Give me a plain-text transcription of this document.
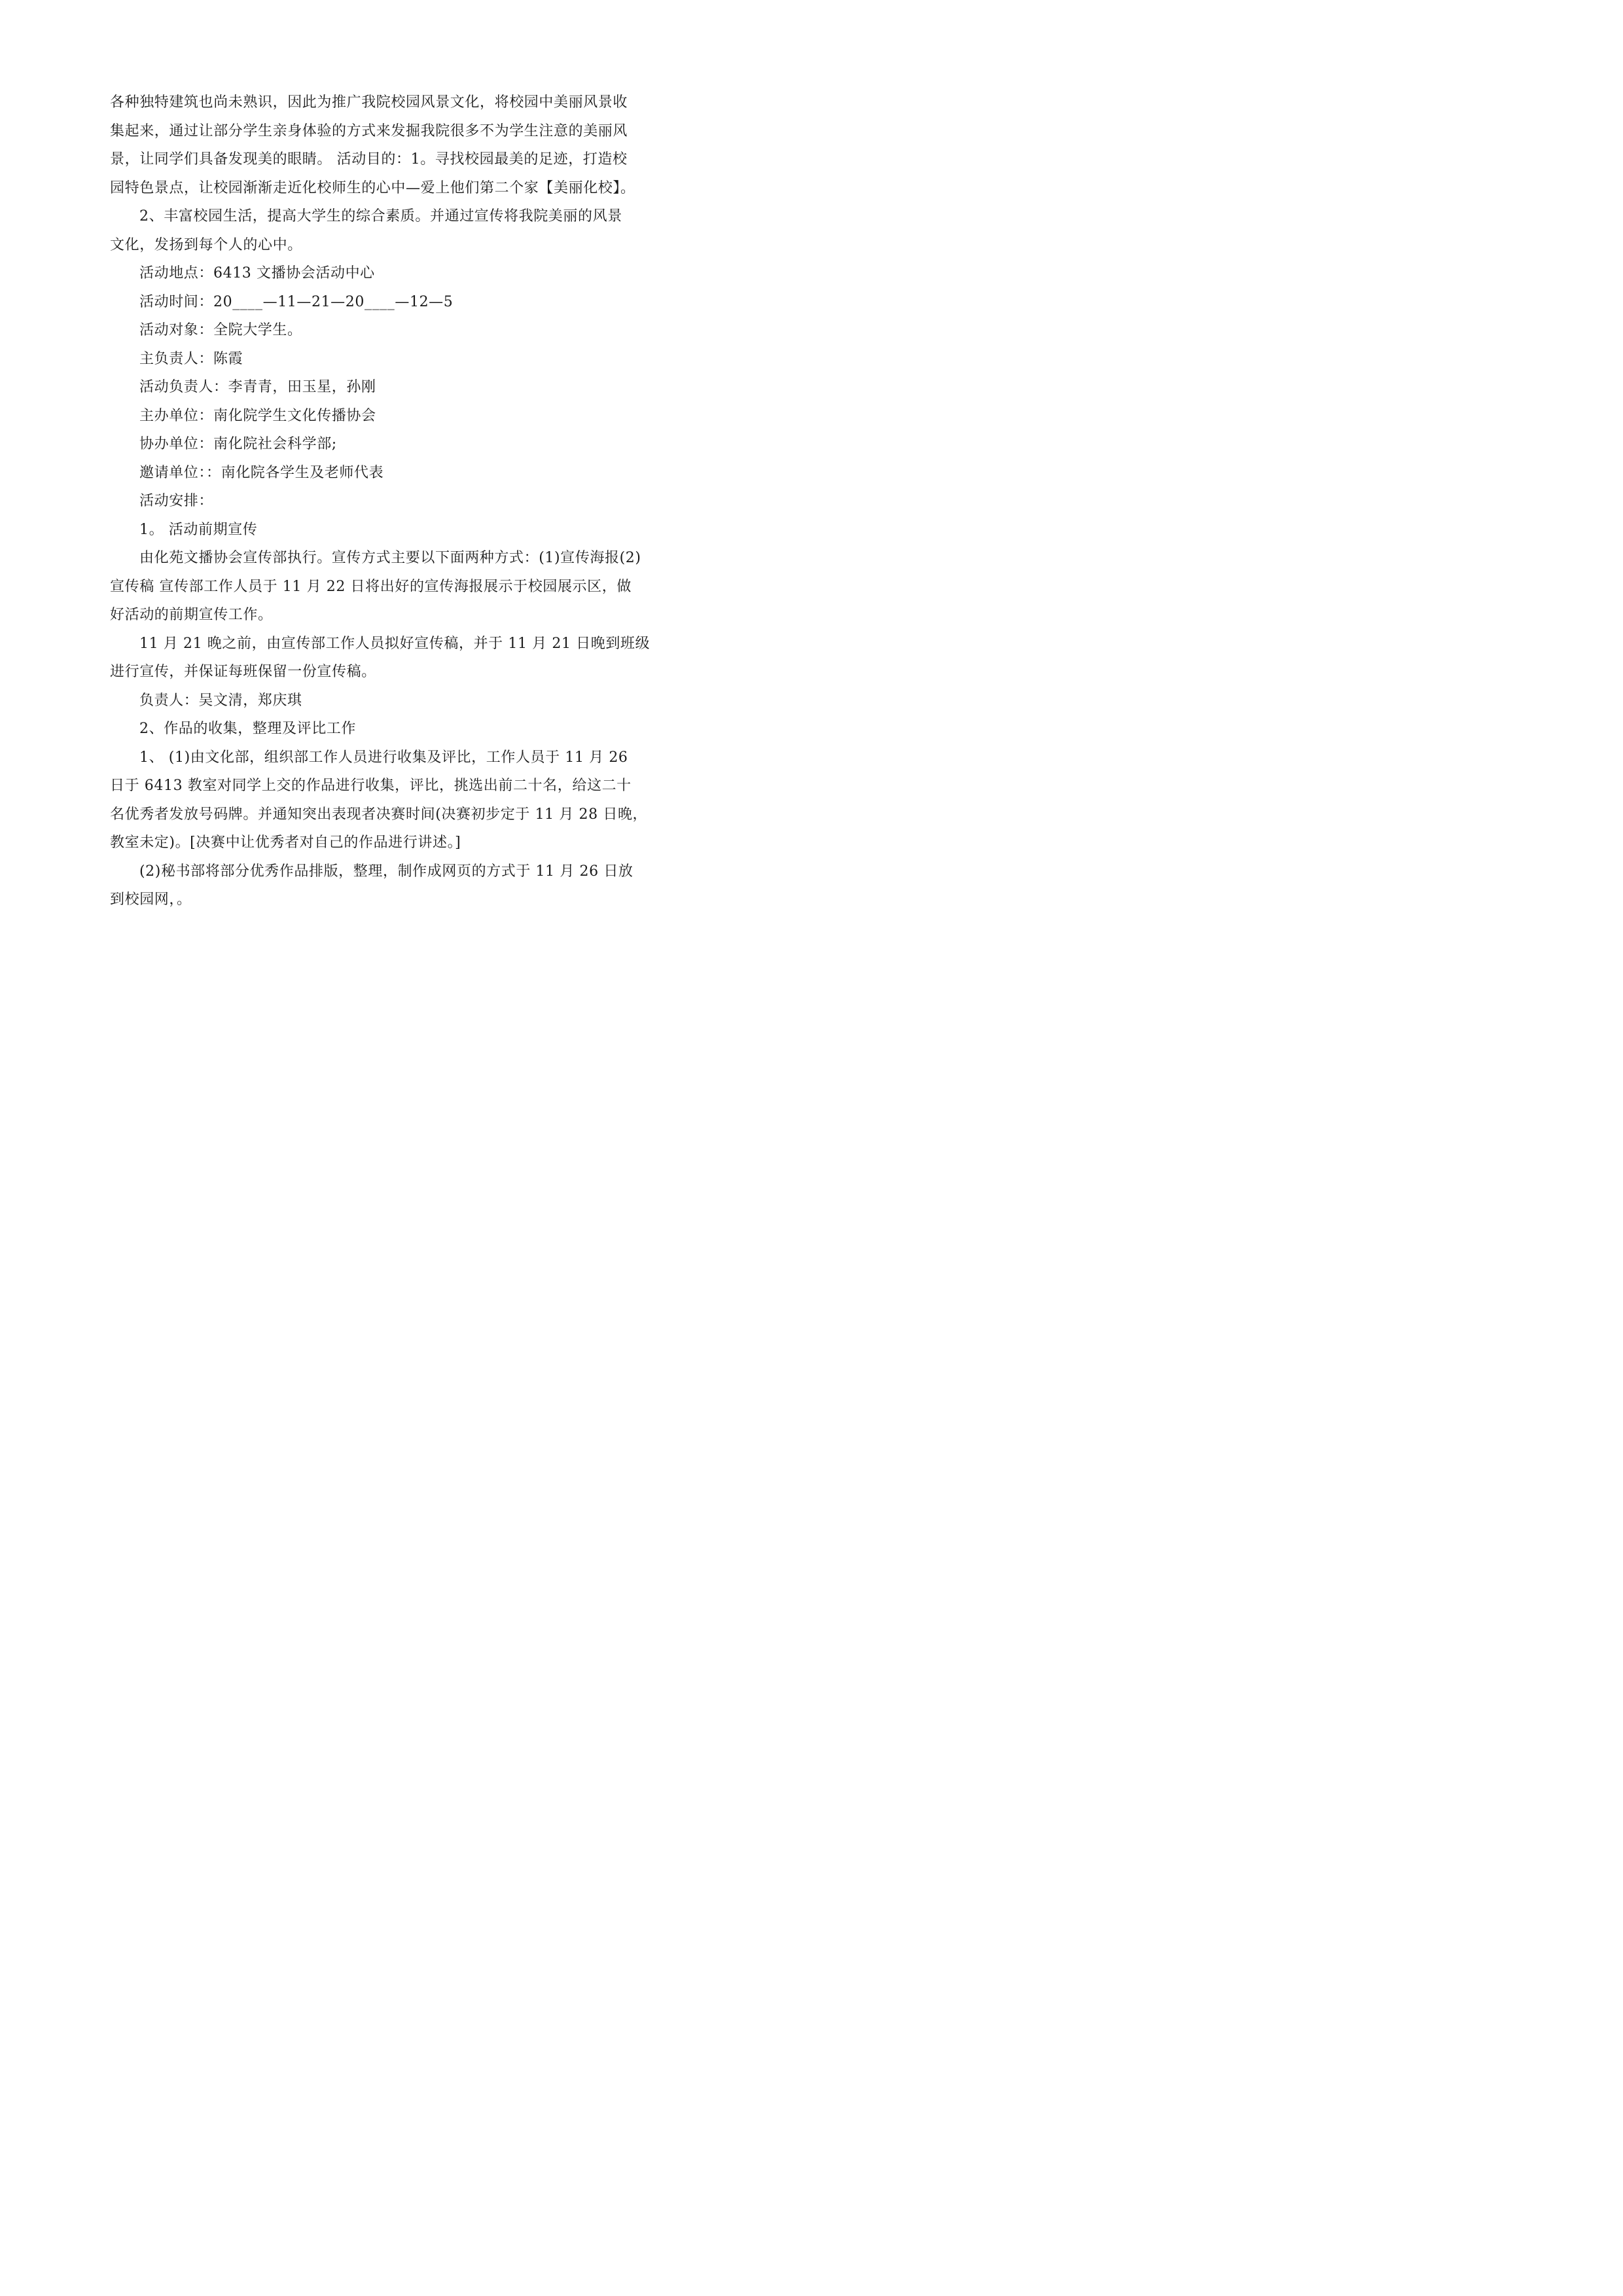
各种独特建筑也尚未熟识，因此为推广我院校园风景文化，将校园中美丽风景收
集起来，通过让部分学生亲身体验的方式来发掘我院很多不为学生注意的美丽风
景，让同学们具备发现美的眼睛。 活动目的：1。寻找校园最美的足迹，打造校
园特色景点，让校园渐渐走近化校师生的心中—爱上他们第二个家【美丽化校】。
2、丰富校园生活，提高大学生的综合素质。并通过宣传将我院美丽的风景
文化，发扬到每个人的心中。
活动地点：6413 文播协会活动中心
活动时间：20____—11—21—20____—12—5
活动对象：全院大学生。
主负责人：陈霞
活动负责人：李青青，田玉星，孙刚
主办单位：南化院学生文化传播协会
协办单位：南化院社会科学部;
邀请单位：：南化院各学生及老师代表
活动安排：
1。 活动前期宣传
由化苑文播协会宣传部执行。宣传方式主要以下面两种方式：(1)宣传海报(2)
宣传稿 宣传部工作人员于 11 月 22 日将出好的宣传海报展示于校园展示区，做
好活动的前期宣传工作。
11 月 21 晚之前，由宣传部工作人员拟好宣传稿，并于 11 月 21 日晚到班级
进行宣传，并保证每班保留一份宣传稿。
负责人：吴文清，郑庆琪
2、作品的收集，整理及评比工作
1、 (1)由文化部，组织部工作人员进行收集及评比，工作人员于 11 月 26
日于 6413 教室对同学上交的作品进行收集，评比，挑选出前二十名，给这二十
名优秀者发放号码牌。并通知突出表现者决赛时间(决赛初步定于 11 月 28 日晚，
教室未定)。[决赛中让优秀者对自己的作品进行讲述。]
(2)秘书部将部分优秀作品排版，整理，制作成网页的方式于 11 月 26 日放
到校园网，。
